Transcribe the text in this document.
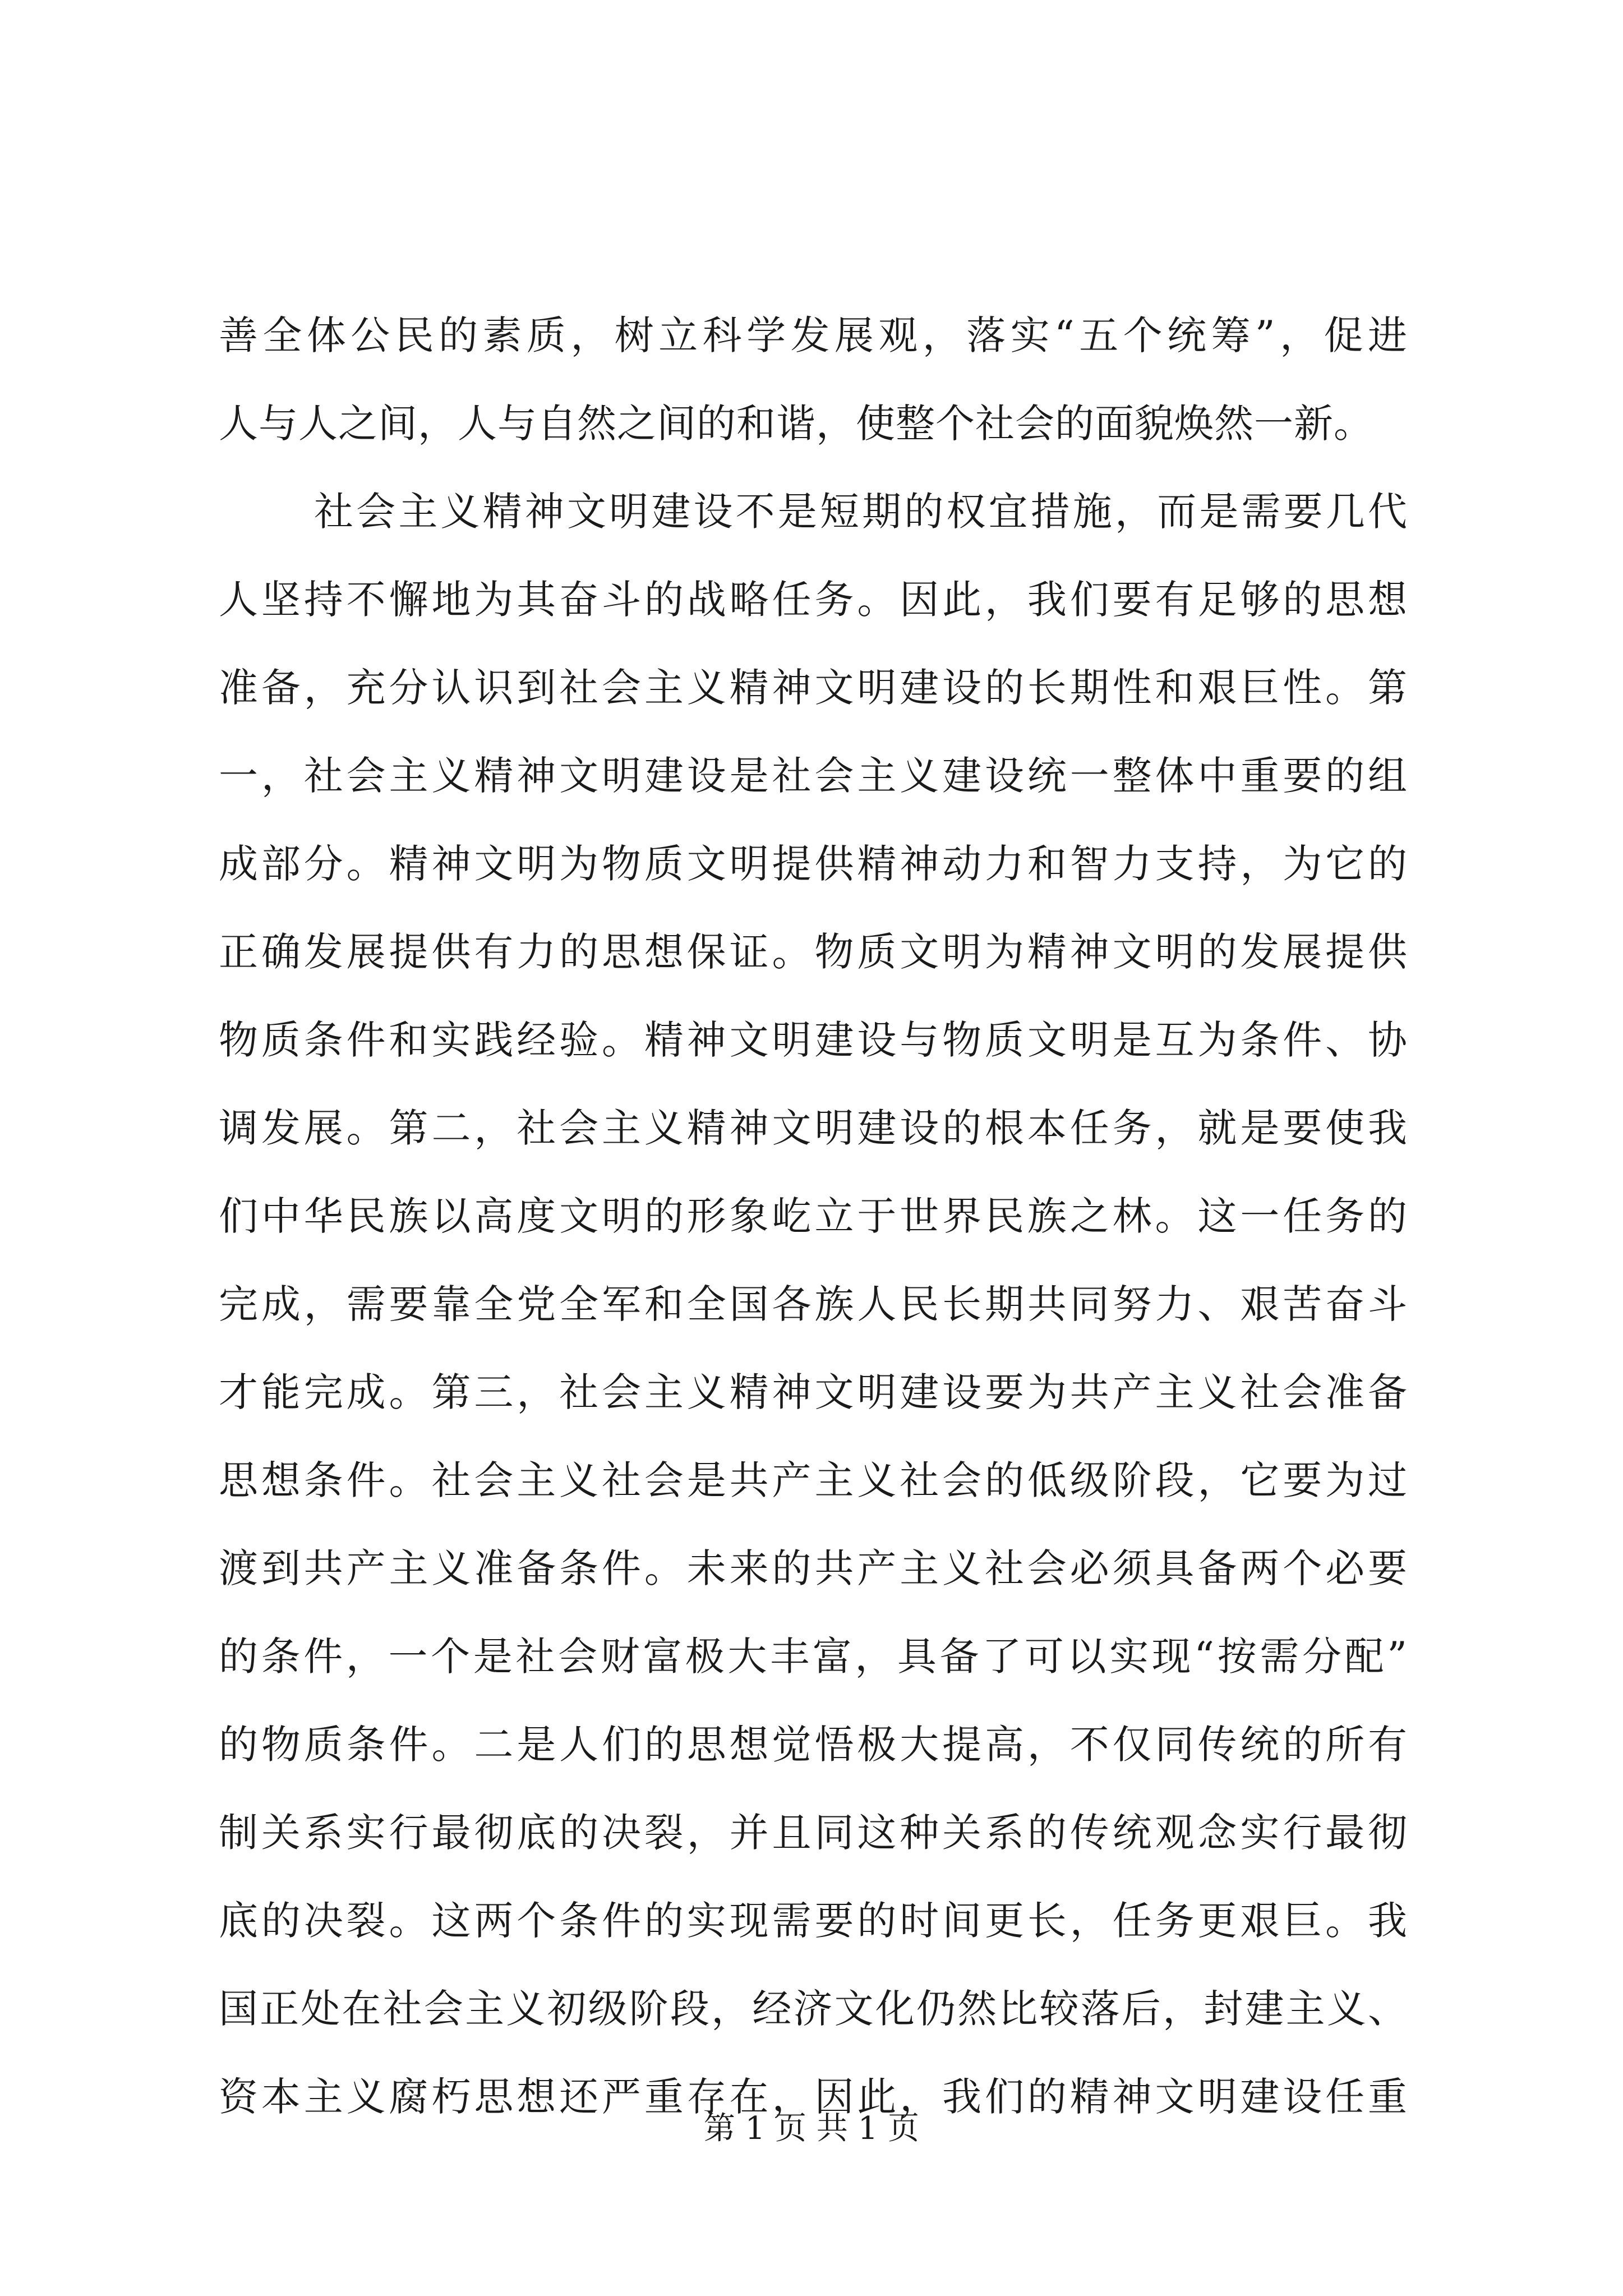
善全体公民的素质，树立科学发展观，落实“五个统筹”，促进
人与人之间，人与自然之间的和谐，使整个社会的面貌焕然一新。
社会主义精神文明建设不是短期的权宜措施，而是需要几代
人坚持不懈地为其奋斗的战略任务。因此，我们要有足够的思想
准备，充分认识到社会主义精神文明建设的长期性和艰巨性。第
一，社会主义精神文明建设是社会主义建设统一整体中重要的组
成部分。精神文明为物质文明提供精神动力和智力支持，为它的
正确发展提供有力的思想保证。物质文明为精神文明的发展提供
物质条件和实践经验。精神文明建设与物质文明是互为条件、协
调发展。第二，社会主义精神文明建设的根本任务，就是要使我
们中华民族以高度文明的形象屹立于世界民族之林。这一任务的
完成，需要靠全党全军和全国各族人民长期共同努力、艰苦奋斗
才能完成。第三，社会主义精神文明建设要为共产主义社会准备
思想条件。社会主义社会是共产主义社会的低级阶段，它要为过
渡到共产主义准备条件。未来的共产主义社会必须具备两个必要
的条件，一个是社会财富极大丰富，具备了可以实现“按需分配”
的物质条件。二是人们的思想觉悟极大提高，不仅同传统的所有
制关系实行最彻底的决裂，并且同这种关系的传统观念实行最彻
底的决裂。这两个条件的实现需要的时间更长，任务更艰巨。我
国正处在社会主义初级阶段，经济文化仍然比较落后，封建主义、
资本主义腐朽思想还严重存在，因此，我们的精神文明建设任重
第 1 页 共 1 页
